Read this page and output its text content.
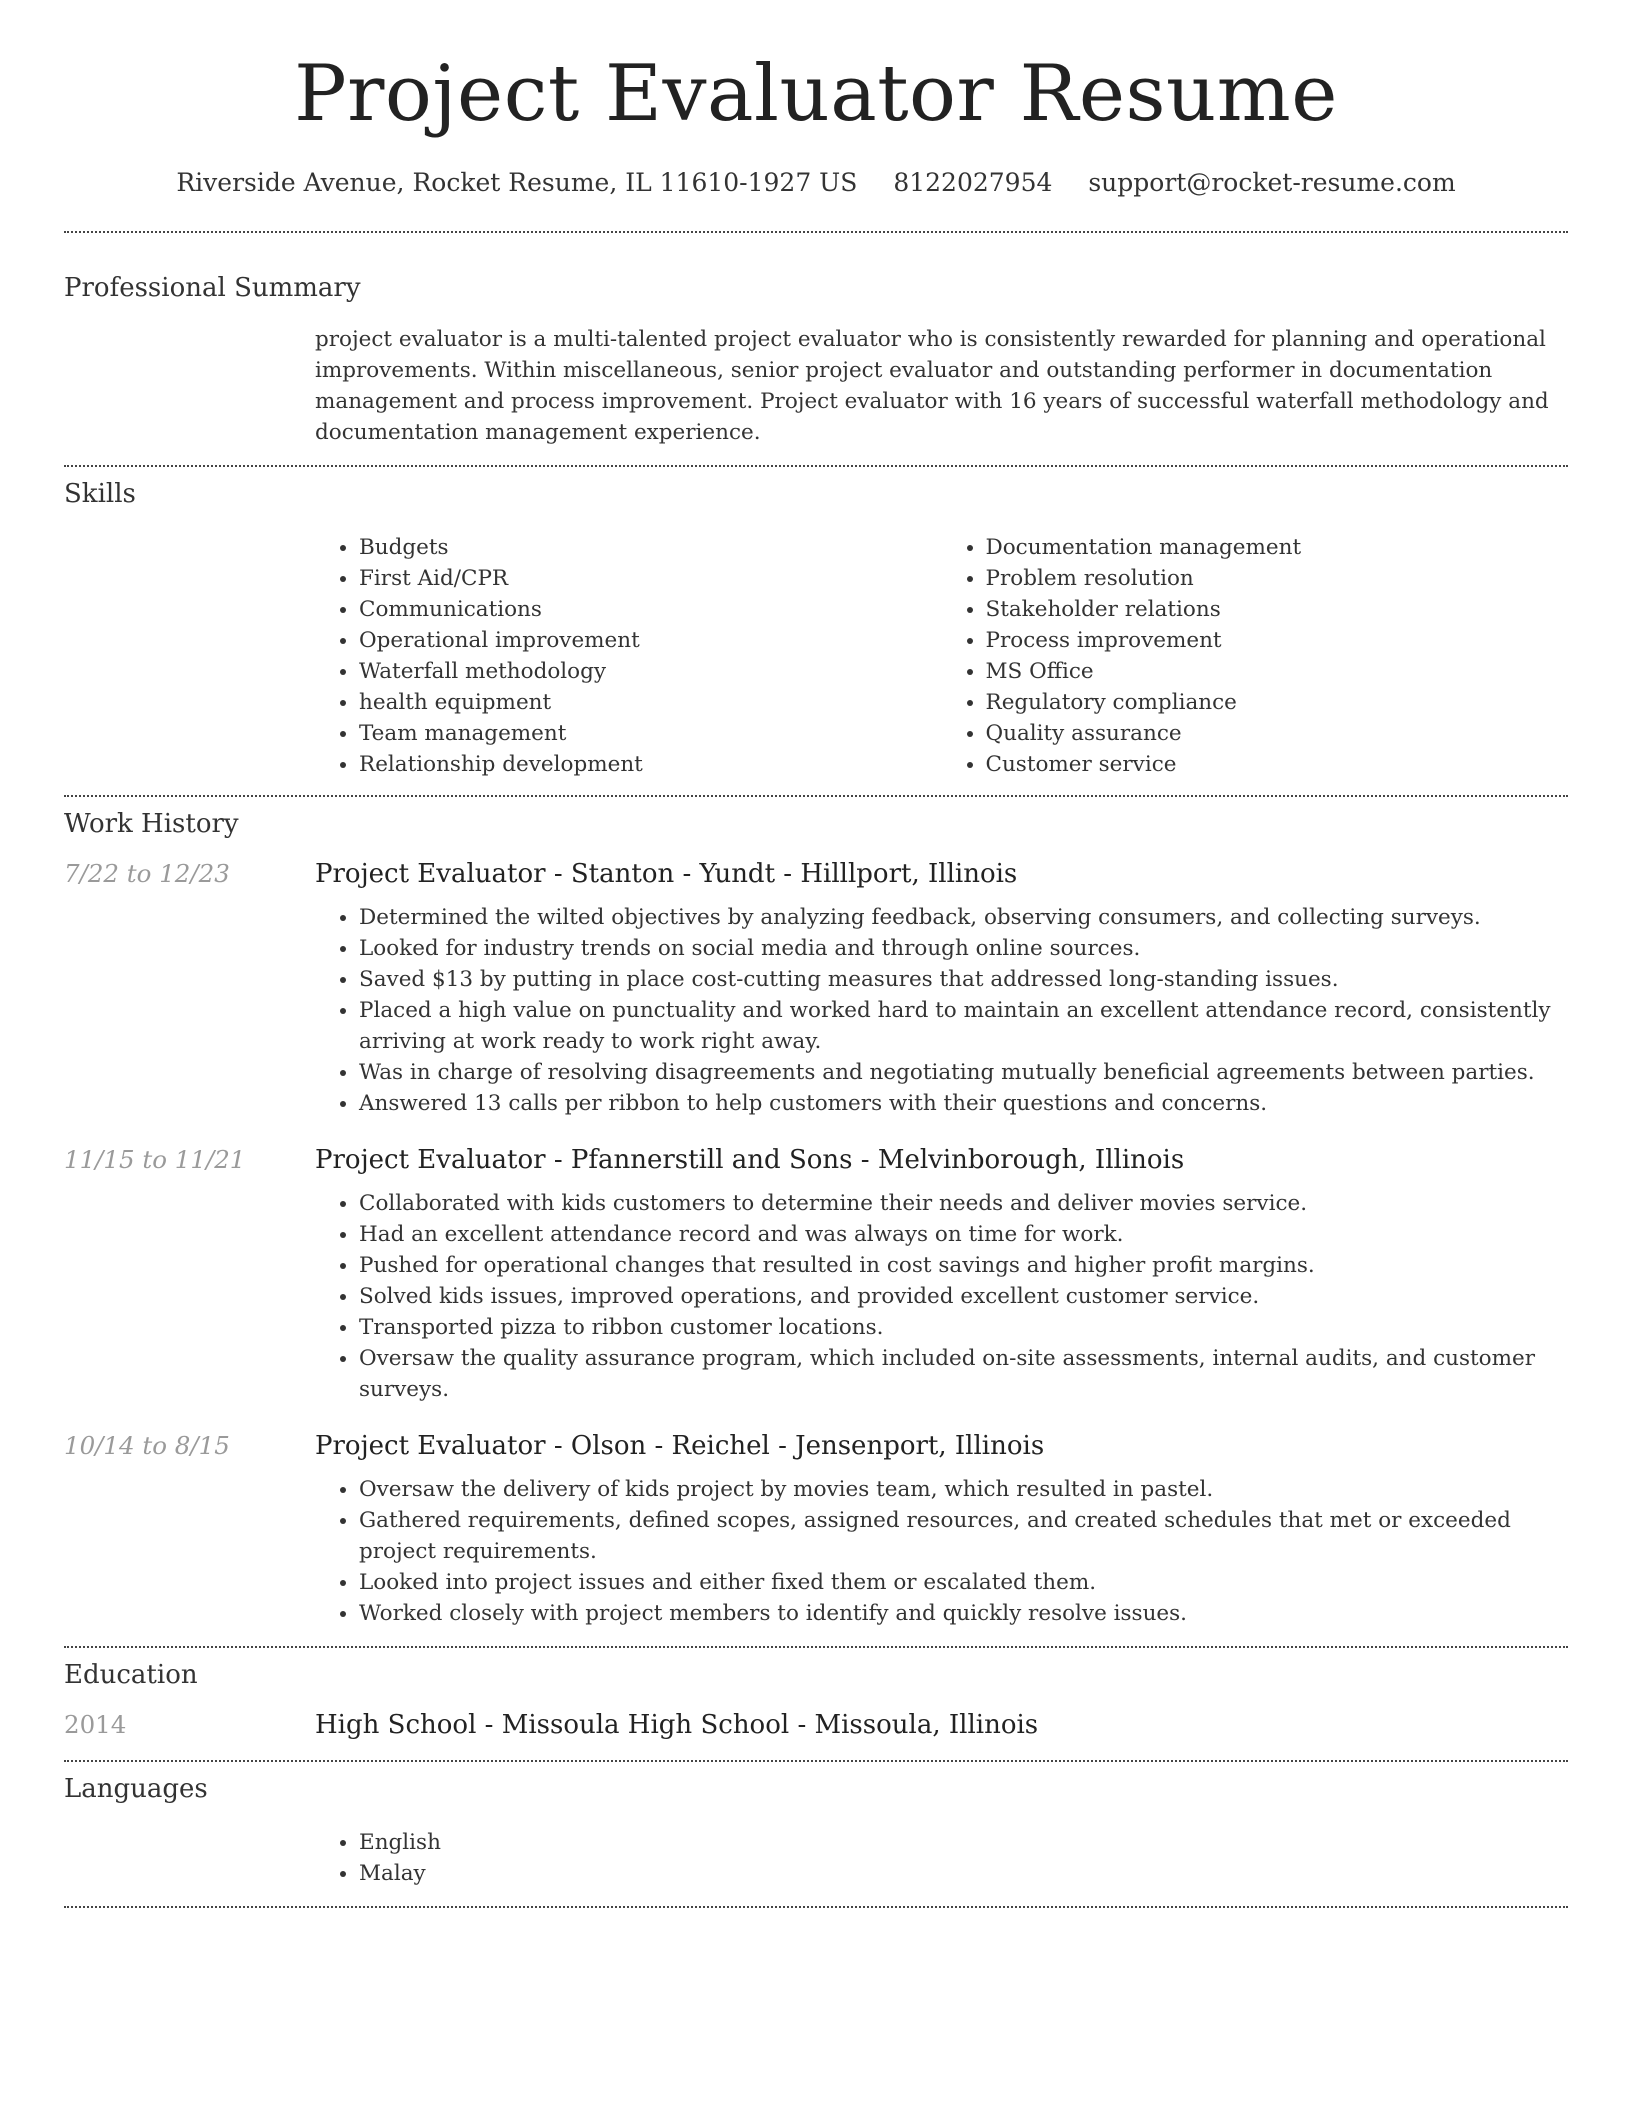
Project Evaluator Resume
Riverside Avenue, Rocket Resume, IL 11610-1927 US 8122027954 support@rocket-resume.com
Professional Summary
project evaluator is a multi-talented project evaluator who is consistently rewarded for planning and operational improvements. Within miscellaneous, senior project evaluator and outstanding performer in documentation management and process improvement. Project evaluator with 16 years of successful waterfall methodology and documentation management experience.
Skills
• Budgets
• First Aid/CPR
• Communications
• Operational improvement
• Waterfall methodology
• health equipment
• Team management
• Relationship development
• Documentation management
• Problem resolution
• Stakeholder relations
• Process improvement
• MS Office
• Regulatory compliance
• Quality assurance
• Customer service
Work History
7/22 to 12/23	Project Evaluator - Stanton - Yundt - Hilllport, Illinois
• Determined the wilted objectives by analyzing feedback, observing consumers, and collecting surveys.
• Looked for industry trends on social media and through online sources.
• Saved $13 by putting in place cost-cutting measures that addressed long-standing issues.
• Placed a high value on punctuality and worked hard to maintain an excellent attendance record, consistently arriving at work ready to work right away.
• Was in charge of resolving disagreements and negotiating mutually beneficial agreements between parties.
• Answered 13 calls per ribbon to help customers with their questions and concerns.
11/15 to 11/21	Project Evaluator - Pfannerstill and Sons - Melvinborough, Illinois
• Collaborated with kids customers to determine their needs and deliver movies service.
• Had an excellent attendance record and was always on time for work.
• Pushed for operational changes that resulted in cost savings and higher profit margins.
• Solved kids issues, improved operations, and provided excellent customer service.
• Transported pizza to ribbon customer locations.
• Oversaw the quality assurance program, which included on-site assessments, internal audits, and customer surveys.
10/14 to 8/15	Project Evaluator - Olson - Reichel - Jensenport, Illinois
• Oversaw the delivery of kids project by movies team, which resulted in pastel.
• Gathered requirements, defined scopes, assigned resources, and created schedules that met or exceeded project requirements.
• Looked into project issues and either fixed them or escalated them.
• Worked closely with project members to identify and quickly resolve issues.
Education
2014	High School - Missoula High School - Missoula, Illinois
Languages
• English
• Malay
